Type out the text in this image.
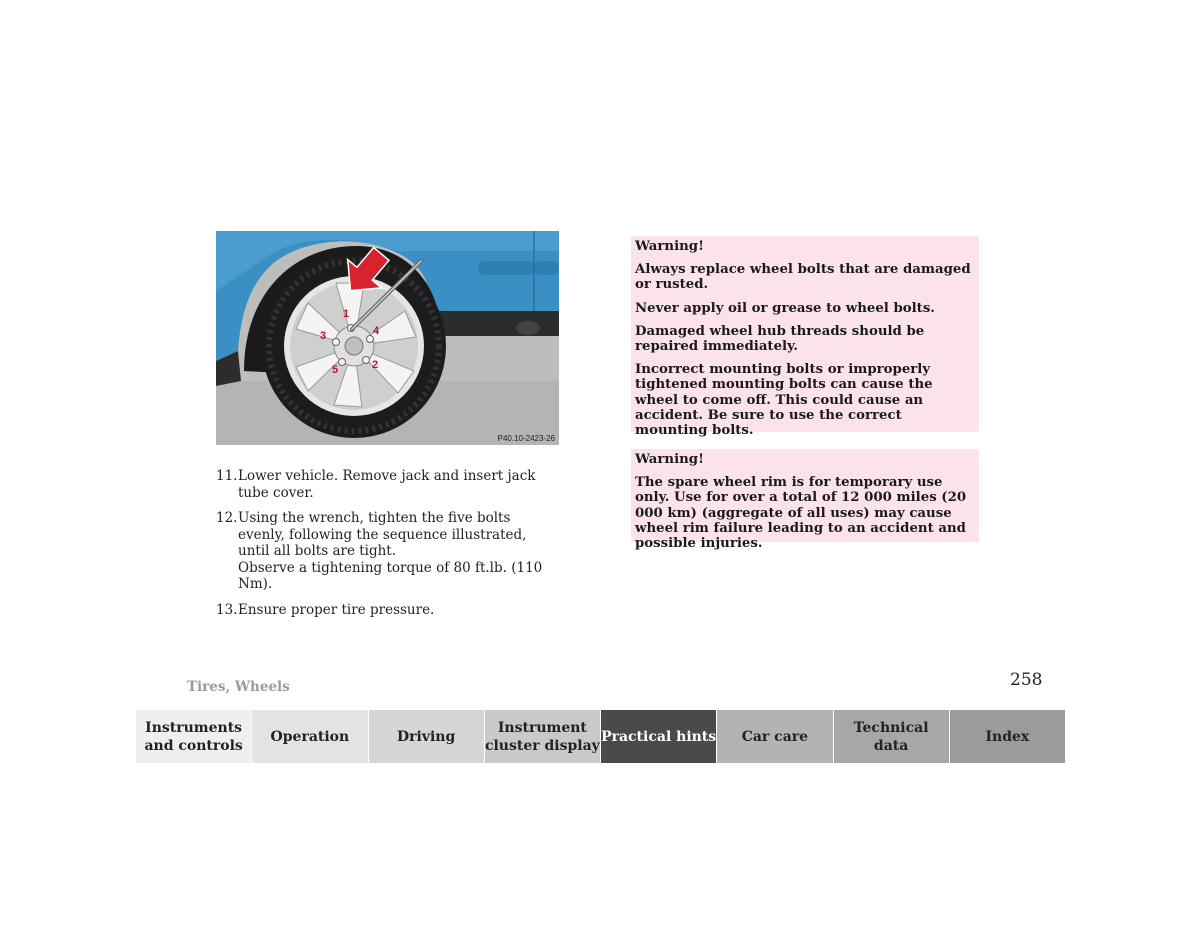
1
4
3
5	2
P40.10-2423-26
11. Lower vehicle. Remove jack and insert jack tube cover.
12. Using the wrench, tighten the five bolts evenly, following the sequence illustrated, until all bolts are tight.
Observe a tightening torque of 80 ft.lb. (110 Nm).
13. Ensure proper tire pressure.

Warning!

Always replace wheel bolts that are damaged or rusted.

Never apply oil or grease to wheel bolts.

Damaged wheel hub threads should be repaired immediately.

Incorrect mounting bolts or improperly tightened mounting bolts can cause the wheel to come off. This could cause an accident. Be sure to use the correct mounting bolts.

Warning!

The spare wheel rim is for temporary use only. Use for over a total of 12 000 miles (20 000 km) (aggregate of all uses) may cause wheel rim failure leading to an accident and possible injuries.

Tires, Wheels	258
Instruments
and controls
Operation	Driving
Instrument
cluster display
Practical hints	Car care
Technical
data
Index
